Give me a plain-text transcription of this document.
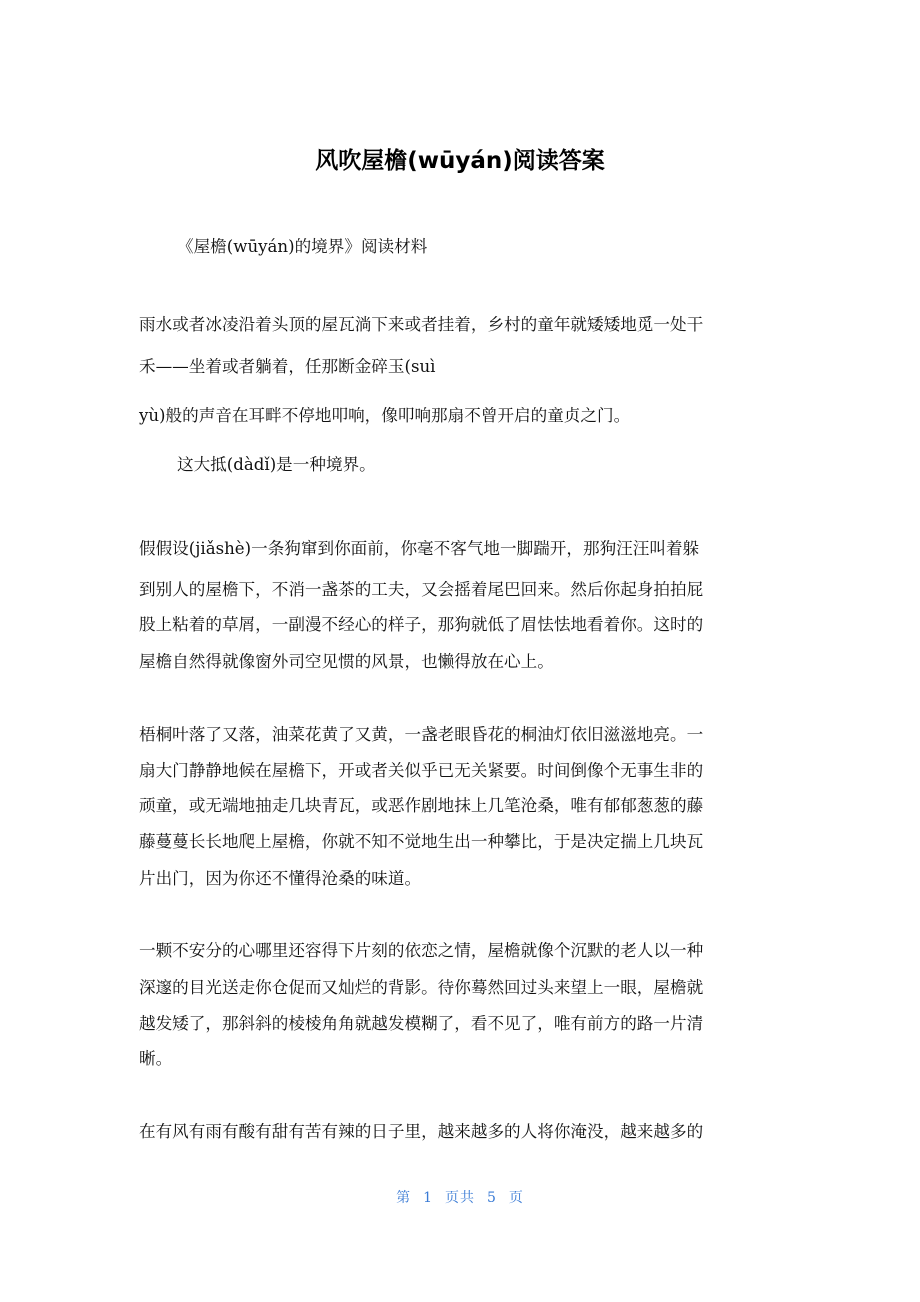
风吹屋檐(wūyán)阅读答案
《屋檐(wūyán)的境界》阅读材料
雨水或者冰凌沿着头顶的屋瓦淌下来或者挂着，乡村的童年就矮矮地觅一处干
禾——坐着或者躺着，任那断金碎玉(suì
yù)般的声音在耳畔不停地叩响，像叩响那扇不曾开启的童贞之门。
这大抵(dàdǐ)是一种境界。
假假设(jiǎshè)一条狗窜到你面前，你毫不客气地一脚踹开，那狗汪汪叫着躲
到别人的屋檐下，不消一盏茶的工夫，又会摇着尾巴回来。然后你起身拍拍屁
股上粘着的草屑，一副漫不经心的样子，那狗就低了眉怯怯地看着你。这时的
屋檐自然得就像窗外司空见惯的风景，也懒得放在心上。
梧桐叶落了又落，油菜花黄了又黄，一盏老眼昏花的桐油灯依旧滋滋地亮。一
扇大门静静地候在屋檐下，开或者关似乎已无关紧要。时间倒像个无事生非的
顽童，或无端地抽走几块青瓦，或恶作剧地抹上几笔沧桑，唯有郁郁葱葱的藤
藤蔓蔓长长地爬上屋檐，你就不知不觉地生出一种攀比，于是决定揣上几块瓦
片出门，因为你还不懂得沧桑的味道。
一颗不安分的心哪里还容得下片刻的依恋之情，屋檐就像个沉默的老人以一种
深邃的目光送走你仓促而又灿烂的背影。待你蓦然回过头来望上一眼，屋檐就
越发矮了，那斜斜的棱棱角角就越发模糊了，看不见了，唯有前方的路一片清
晰。
在有风有雨有酸有甜有苦有辣的日子里，越来越多的人将你淹没，越来越多的
第 1 页共 5 页
